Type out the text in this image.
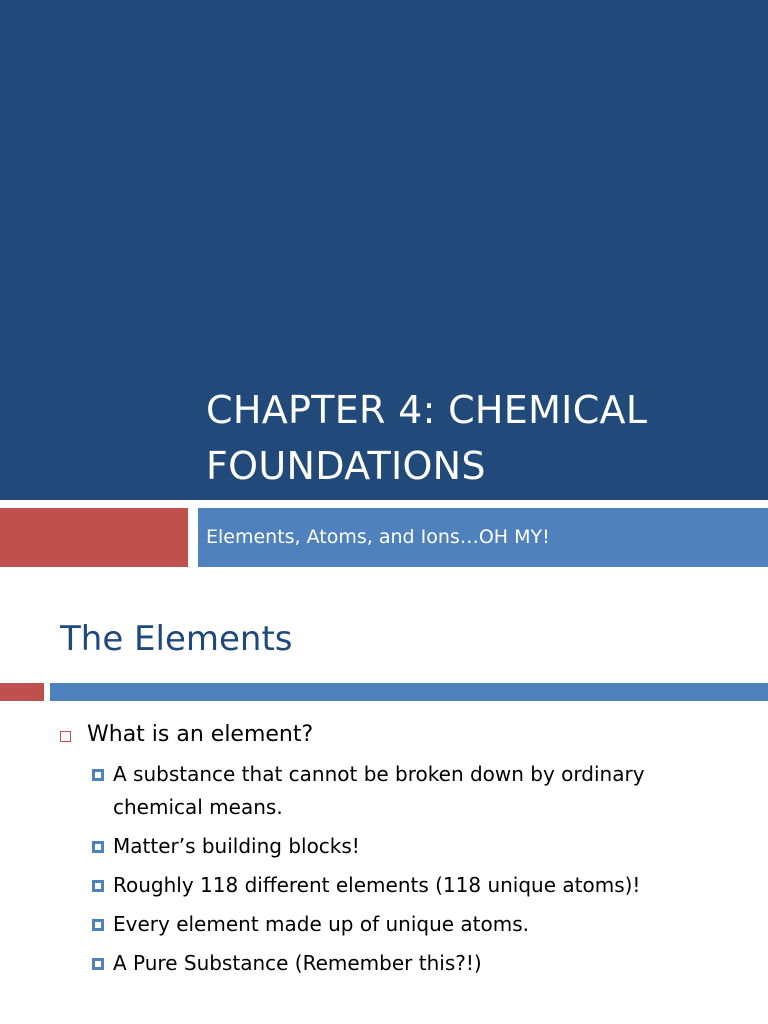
CHAPTER 4: CHEMICAL
FOUNDATIONS
Elements, Atoms, and Ions…OH MY!
The Elements
What is an element?
A substance that cannot be broken down by ordinary chemical means.
Matter’s building blocks!
Roughly 118 different elements (118 unique atoms)!
Every element made up of unique atoms.
A Pure Substance (Remember this?!)
